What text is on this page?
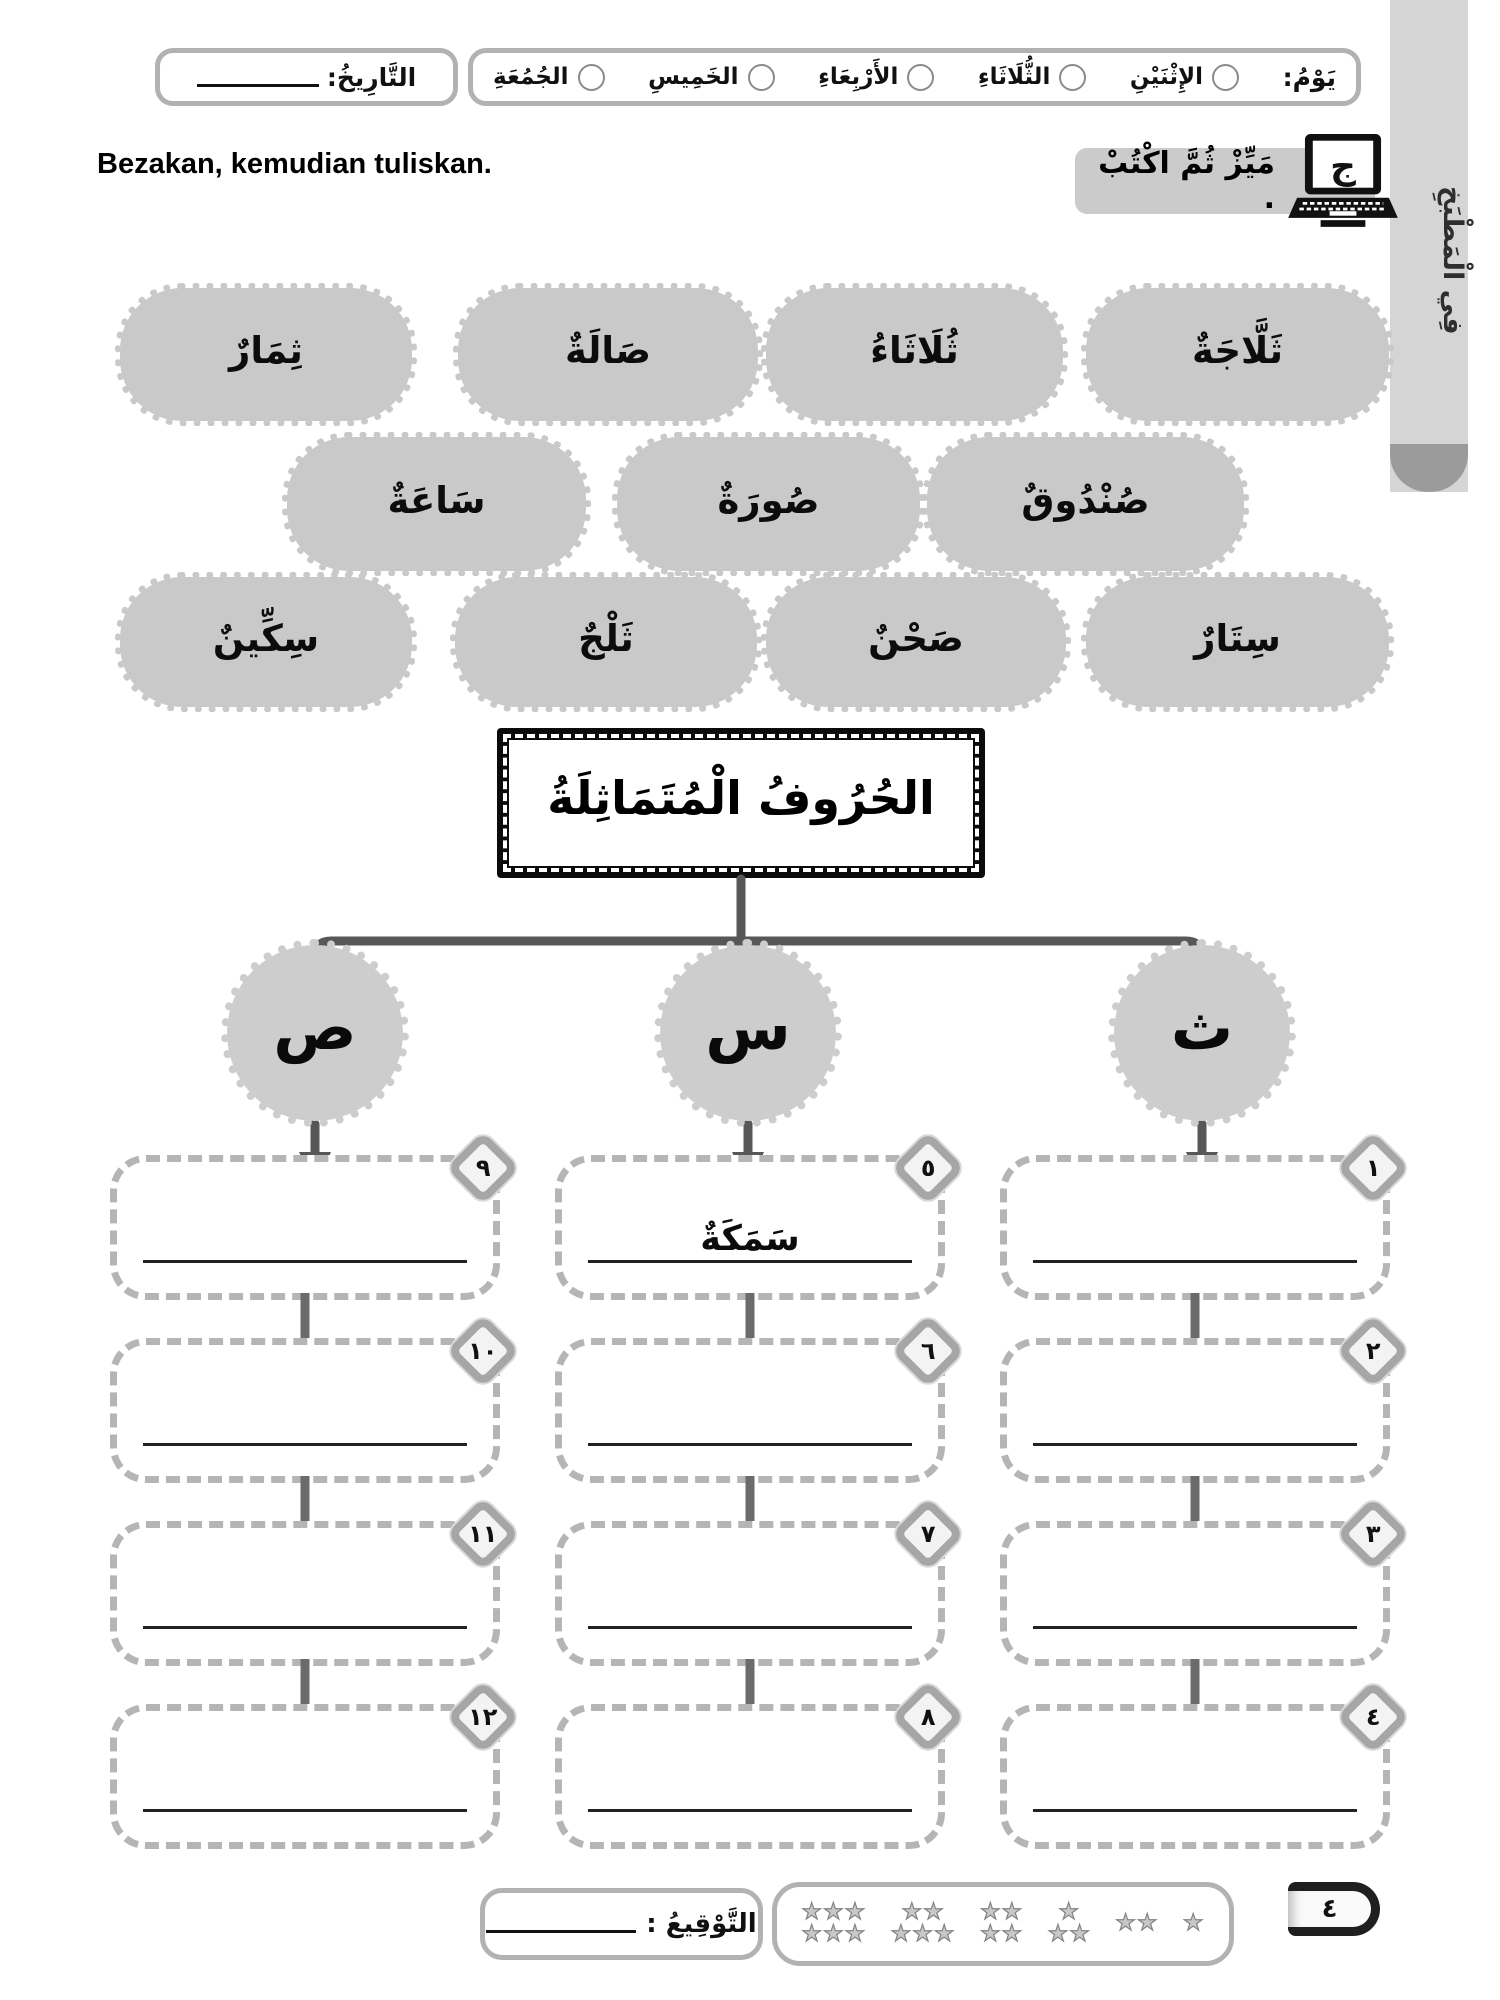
فِي الْمَطْبَخِ
التَّارِيخُ:	يَوْمُ:
الإِثْنَيْنِ
الثُّلَاثَاءِ
الأَرْبِعَاءِ
الخَمِيسِ
الجُمُعَةِ
Bezakan, kemudian tuliskan.	مَيِّزْ ثُمَّ اكْتُبْ .
ج
ثِمَارٌ	صَالَةٌ	ثُلَاثَاءُ	ثَلَّاجَةٌ
سَاعَةٌ	صُورَةٌ	صُنْدُوقٌ
سِكِّينٌ	ثَلْجٌ	صَحْنٌ	سِتَارٌ
الحُرُوفُ الْمُتَمَاثِلَةُ
ص	س	ث
٩
١٠
١١
١٢
٥
سَمَكَةٌ
٦
٧
٨
١
٢
٣
٤
التَّوْقِيعُ : ★★★
★★★
★★
★★★
★★
★★
★
★★ ★★ ★	٤
